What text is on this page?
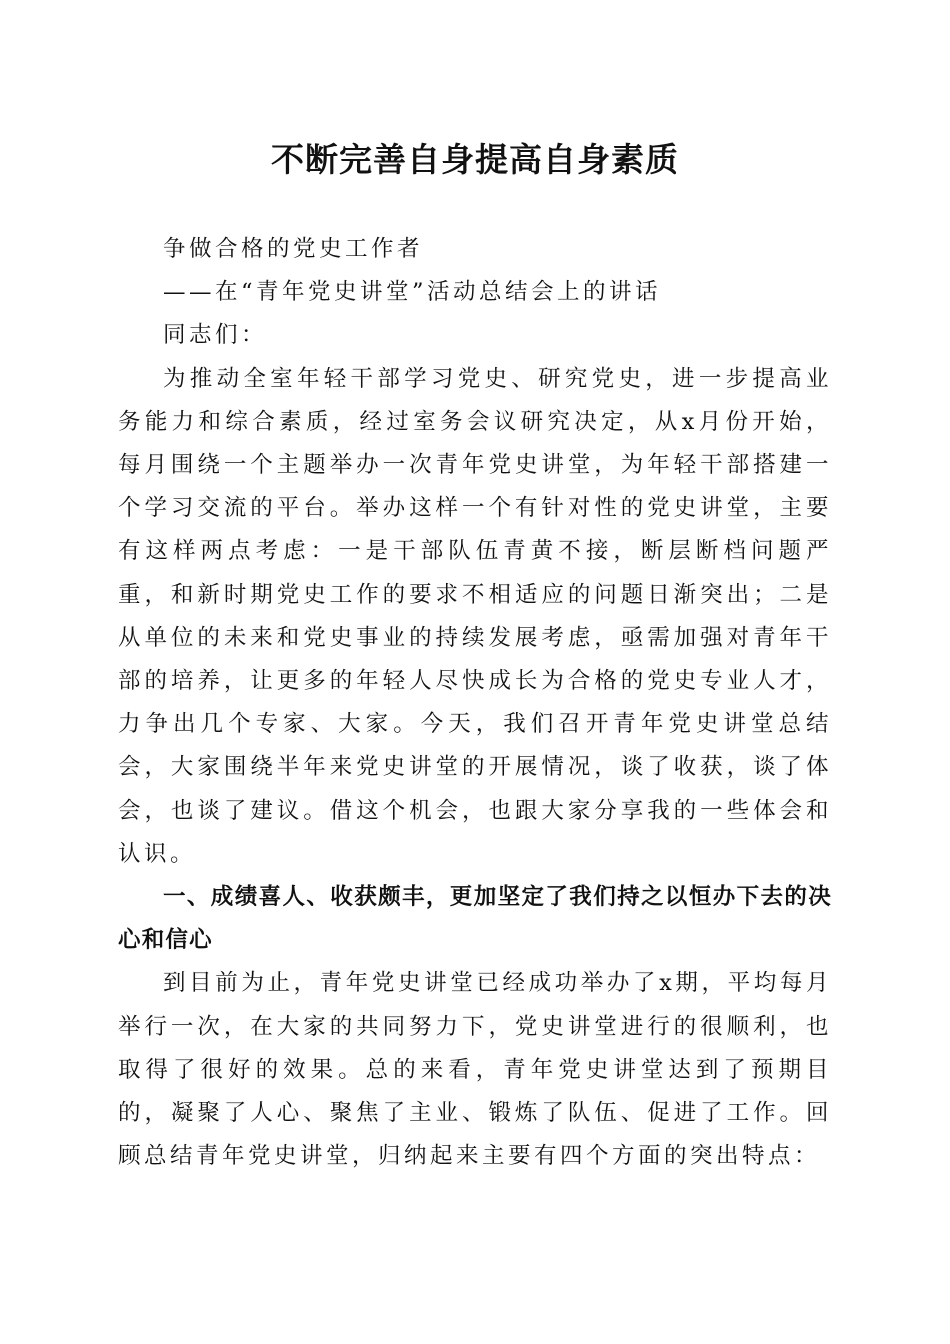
不断完善自身提高自身素质

争做合格的党史工作者

——在“青年党史讲堂”活动总结会上的讲话

同志们：

为推动全室年轻干部学习党史、研究党史，进一步提高业务能力和综合素质，经过室务会议研究决定，从x月份开始，每月围绕一个主题举办一次青年党史讲堂，为年轻干部搭建一个学习交流的平台。举办这样一个有针对性的党史讲堂，主要有这样两点考虑：一是干部队伍青黄不接，断层断档问题严重，和新时期党史工作的要求不相适应的问题日渐突出；二是从单位的未来和党史事业的持续发展考虑，亟需加强对青年干部的培养，让更多的年轻人尽快成长为合格的党史专业人才，力争出几个专家、大家。今天，我们召开青年党史讲堂总结会，大家围绕半年来党史讲堂的开展情况，谈了收获，谈了体会，也谈了建议。借这个机会，也跟大家分享我的一些体会和认识。

一、成绩喜人、收获颇丰，更加坚定了我们持之以恒办下去的决心和信心

到目前为止，青年党史讲堂已经成功举办了x期，平均每月举行一次，在大家的共同努力下，党史讲堂进行的很顺利，也取得了很好的效果。总的来看，青年党史讲堂达到了预期目的，凝聚了人心、聚焦了主业、锻炼了队伍、促进了工作。回顾总结青年党史讲堂，归纳起来主要有四个方面的突出特点：
